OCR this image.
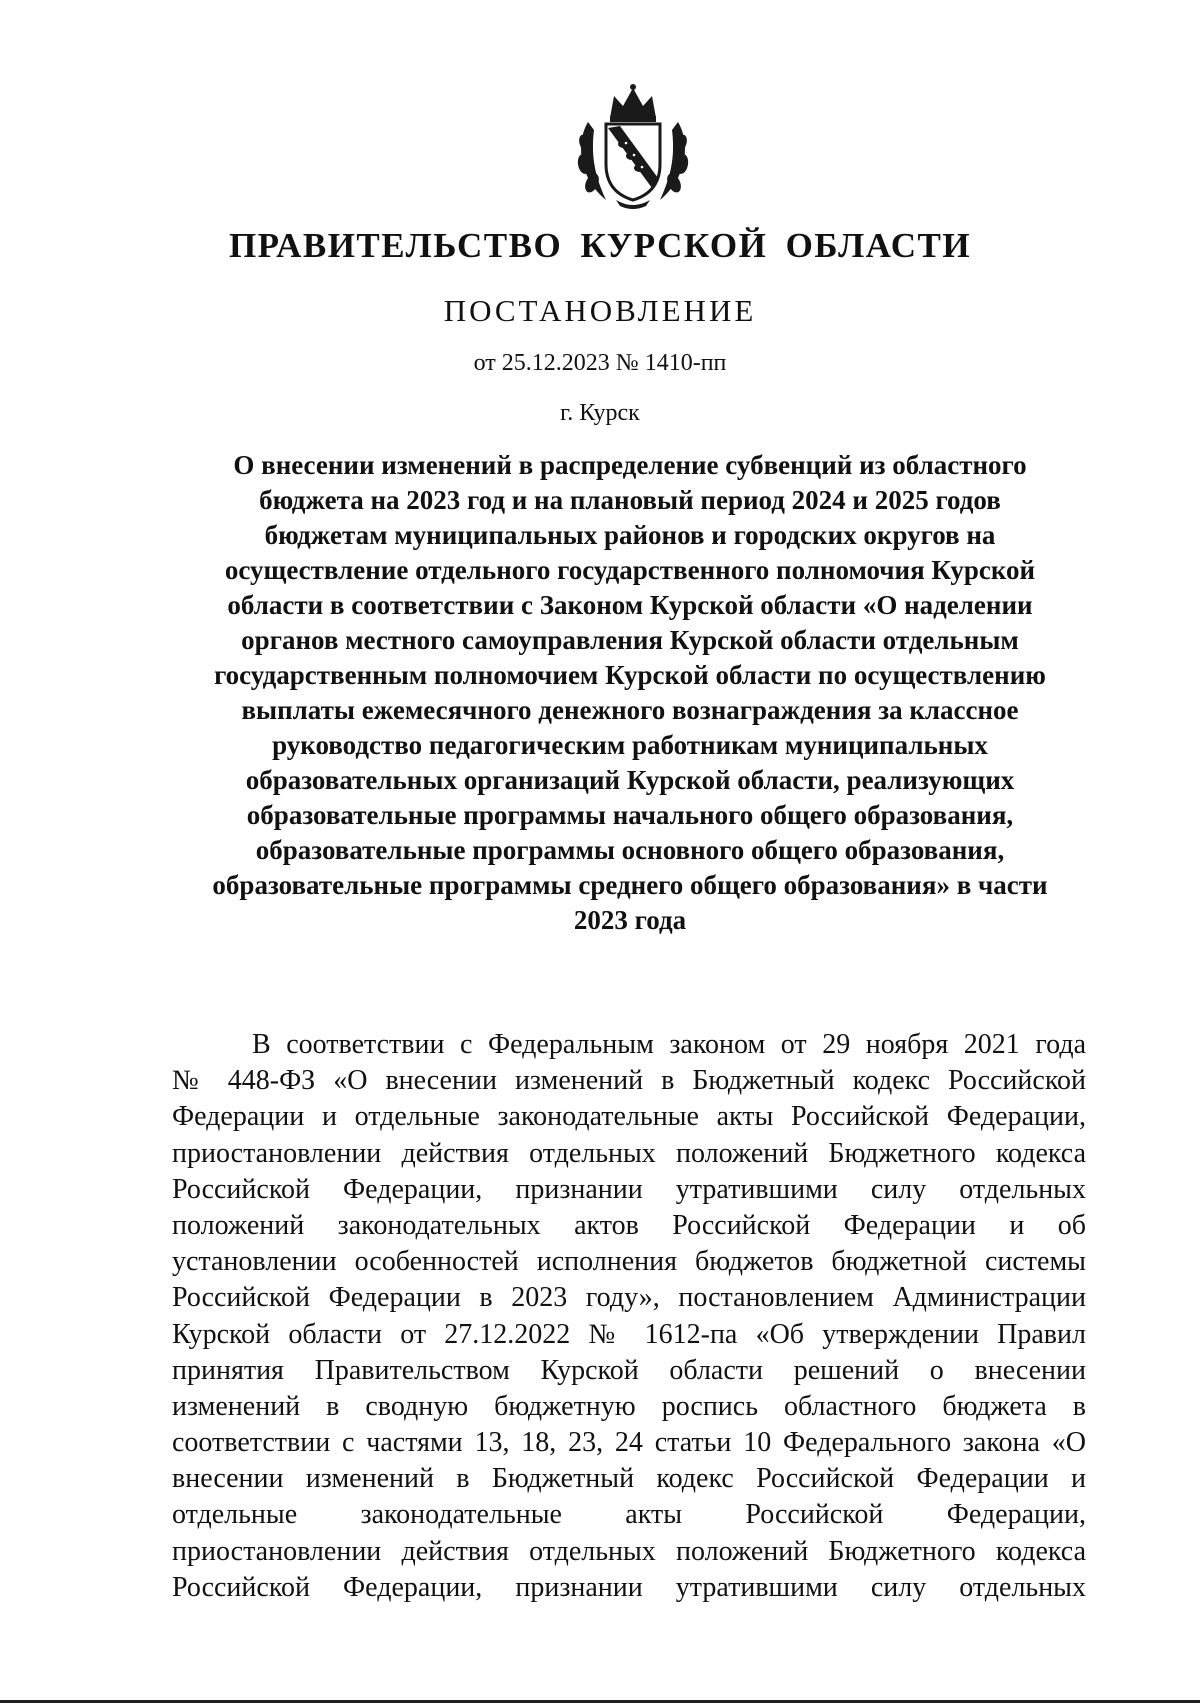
ПРАВИТЕЛЬСТВО КУРСКОЙ ОБЛАСТИ
ПОСТАНОВЛЕНИЕ

от 25.12.2023 № 1410-пп

г. Курск

О внесении изменений в распределение субвенций из областного
бюджета на 2023 год и на плановый период 2024 и 2025 годов
бюджетам муниципальных районов и городских округов на
осуществление отдельного государственного полномочия Курской
области в соответствии с Законом Курской области «О наделении
органов местного самоуправления Курской области отдельным
государственным полномочием Курской области по осуществлению
выплаты ежемесячного денежного вознаграждения за классное
руководство педагогическим работникам муниципальных
образовательных организаций Курской области, реализующих
образовательные программы начального общего образования,
образовательные программы основного общего образования,
образовательные программы среднего общего образования» в части
2023 года
В соответствии с Федеральным законом от 29 ноября 2021 года
№ 448-ФЗ «О внесении изменений в Бюджетный кодекс Российской
Федерации и отдельные законодательные акты Российской Федерации,
приостановлении действия отдельных положений Бюджетного кодекса
Российской Федерации, признании утратившими силу отдельных
положений законодательных актов Российской Федерации и об
установлении особенностей исполнения бюджетов бюджетной системы
Российской Федерации в 2023 году», постановлением Администрации
Курской области от 27.12.2022 № 1612-па «Об утверждении Правил
принятия Правительством Курской области решений о внесении
изменений в сводную бюджетную роспись областного бюджета в
соответствии с частями 13, 18, 23, 24 статьи 10 Федерального закона «О
внесении изменений в Бюджетный кодекс Российской Федерации и
отдельные законодательные акты Российской Федерации,
приостановлении действия отдельных положений Бюджетного кодекса
Российской Федерации, признании утратившими силу отдельных
